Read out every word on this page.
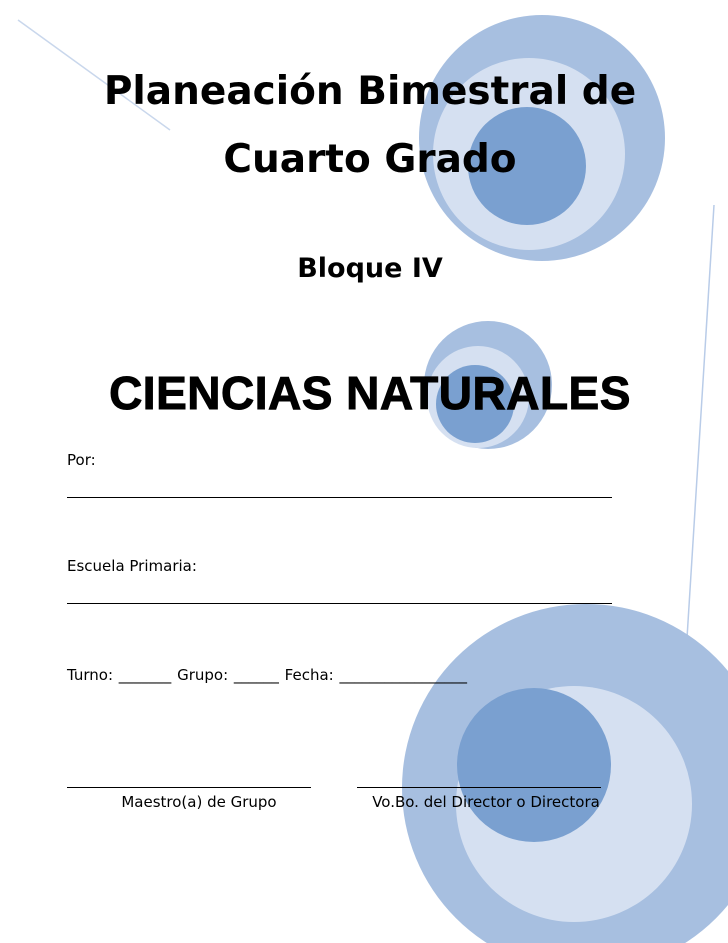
Planeación Bimestral de
Cuarto Grado
Bloque IV
CIENCIAS NATURALES
Por:
Escuela Primaria:
Turno: _______ Grupo: ______ Fecha: _________________
Maestro(a) de Grupo	Vo.Bo. del Director o Directora
